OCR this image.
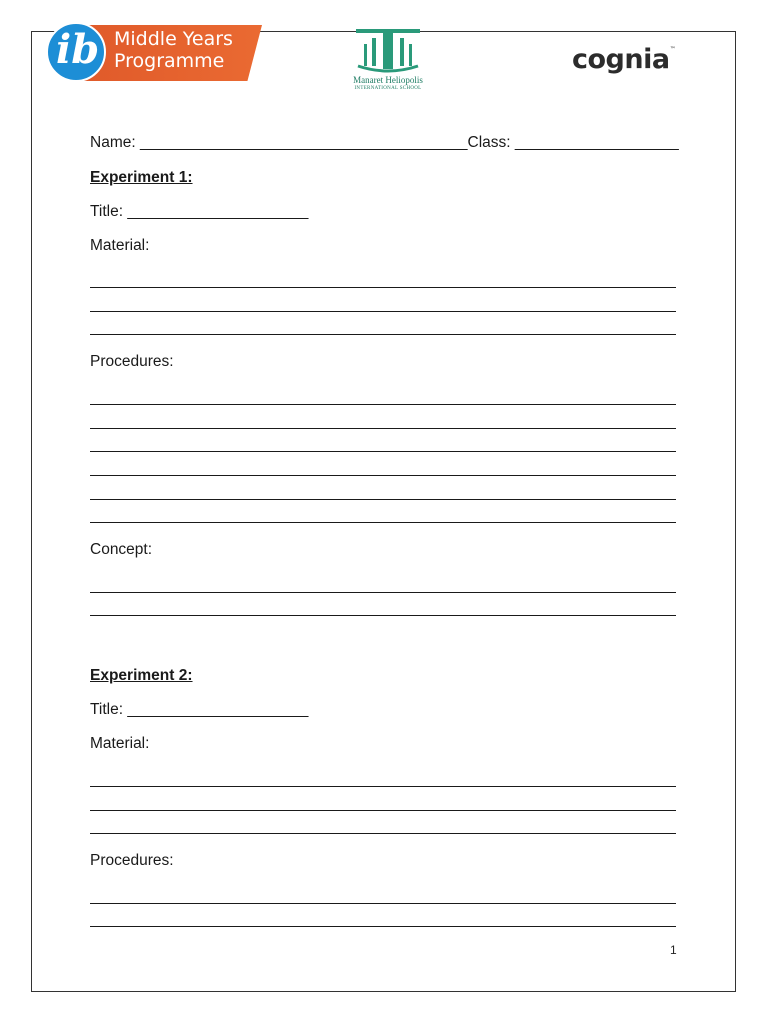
Middle Years
Programme
ib
Manaret Heliopolis
INTERNATIONAL SCHOOL
cognia™
Name: ______________________________________Class: ___________________
Experiment 1:
Title: _____________________
Material:
Procedures:
Concept:
Experiment 2:
Title: _____________________
Material:
Procedures:
1
